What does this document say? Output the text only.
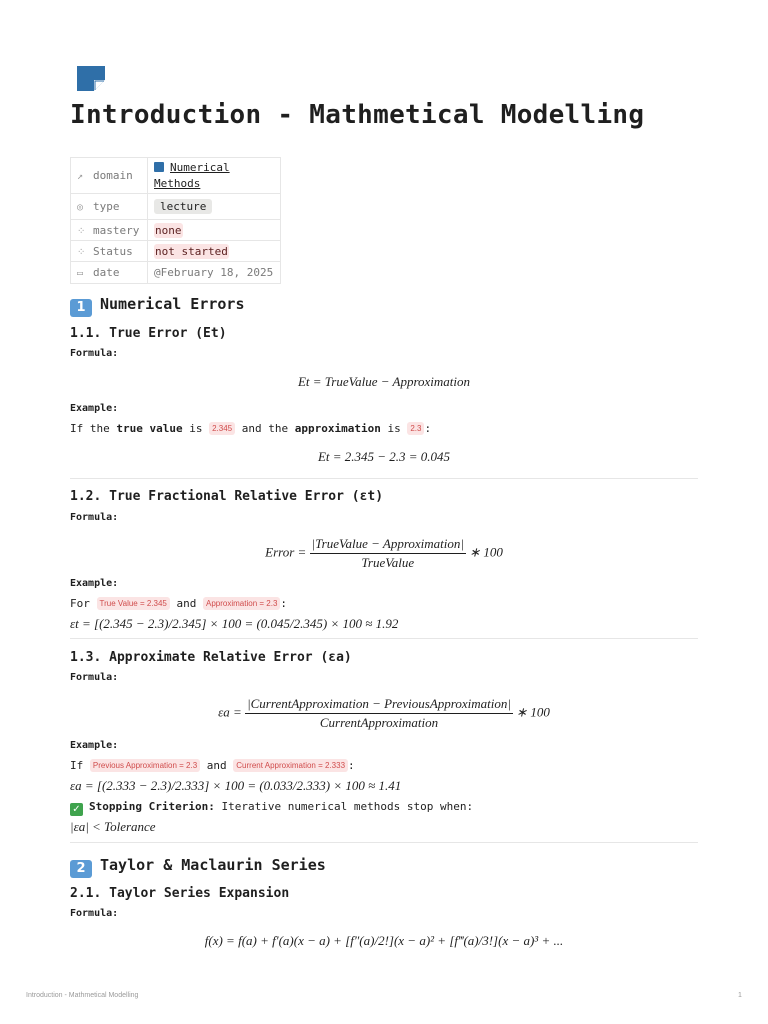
Introduction - Mathmetical Modelling
↗ domain	Numerical Methods
◎ type	lecture
⁘ mastery	none
⁘ Status	not started
▭ date	@February 18, 2025
1 Numerical Errors
1.1. True Error (Et)
Formula:
Et = TrueValue − Approximation
Example:
If the true value is 2.345 and the approximation is 2.3 :
Et = 2.345 − 2.3 = 0.045
1.2. True Fractional Relative Error (εt)
Formula:
Error = $\frac{\text{|TrueValue − Approximation|}}{\text{TrueValue}}$ ∗ 100
Example:
For True Value = 2.345 and Approximation = 2.3 :
εt = [(2.345 − 2.3)/2.345] × 100 = (0.045/2.345) × 100 ≈ 1.92
1.3. Approximate Relative Error (εa)
Formula:
$\varepsilon a = \frac{\text{|CurrentApproximation − PreviousApproximation|}}{\text{CurrentApproximation}}$ ∗ 100
Example:
If Previous Approximation = 2.3 and Current Approximation = 2.333 :
εa = [(2.333 − 2.3)/2.333] × 100 = (0.033/2.333) × 100 ≈ 1.41
✓ Stopping Criterion: Iterative numerical methods stop when:
|εa| < Tolerance
2 Taylor & Maclaurin Series
2.1. Taylor Series Expansion
Formula:
f(x) = f(a) + f′(a)(x − a) + [f″(a)/2!](x − a)² + [f‴(a)/3!](x − a)³ + ...
Introduction - Mathmetical Modelling	1
